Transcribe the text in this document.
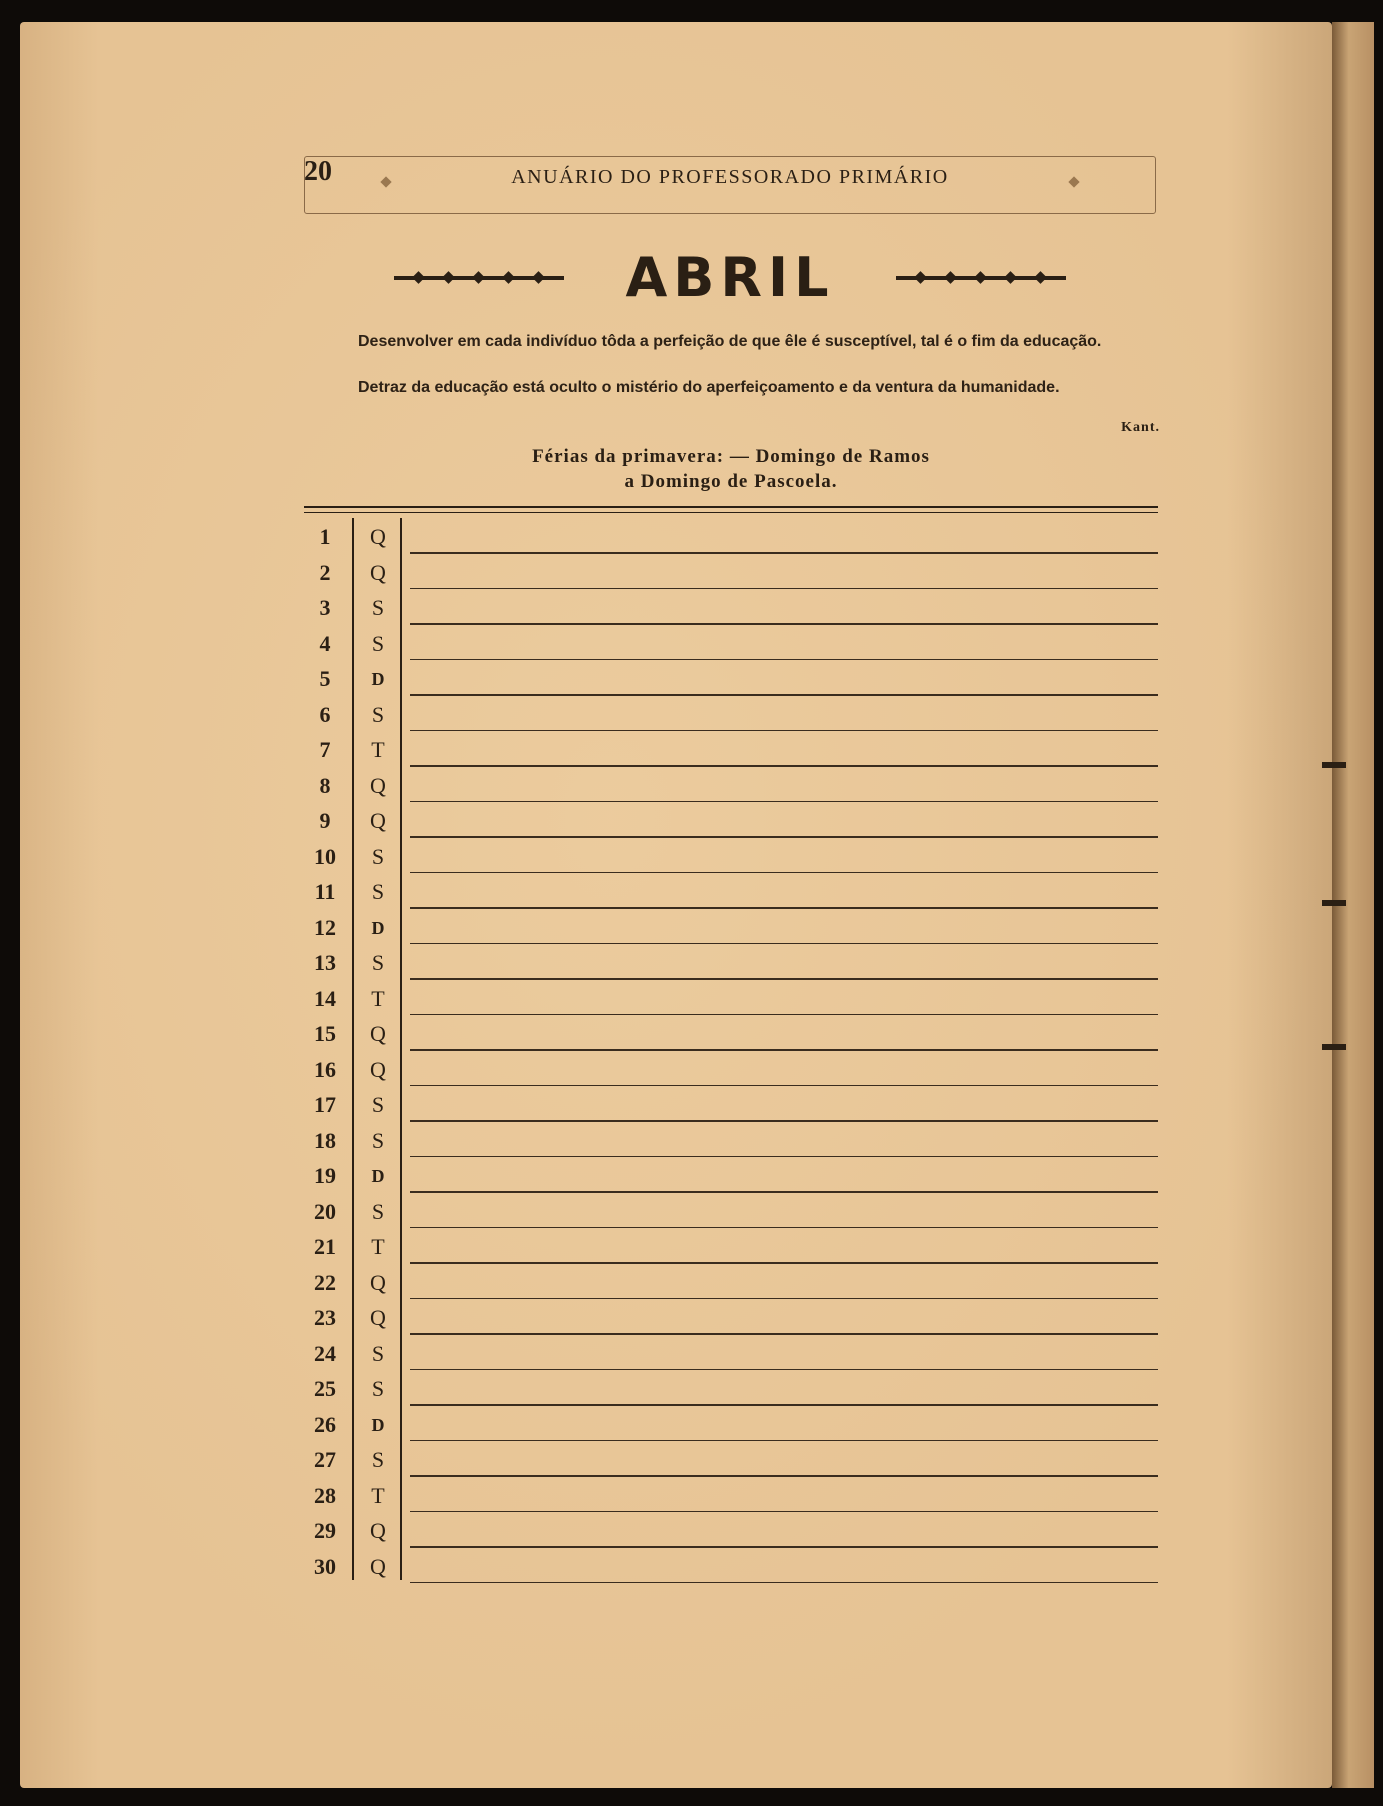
20	ANUÁRIO DO PROFESSORADO PRIMÁRIO
ABRIL
Desenvolver em cada indivíduo tôda a perfeição de que êle é susceptível, tal é o fim da educação.
Detraz da educação está oculto o mistério do aperfeiçoamento e da ventura da humanidade.
Kant.
Férias da primavera: — Domingo de Ramos
a Domingo de Pascoela.
1	Q
2	Q
3	S
4	S
5	D
6	S
7	T
8	Q
9	Q
10	S
11	S
12	D
13	S
14	T
15	Q
16	Q
17	S
18	S
19	D
20	S
21	T
22	Q
23	Q
24	S
25	S
26	D
27	S
28	T
29	Q
30	Q
